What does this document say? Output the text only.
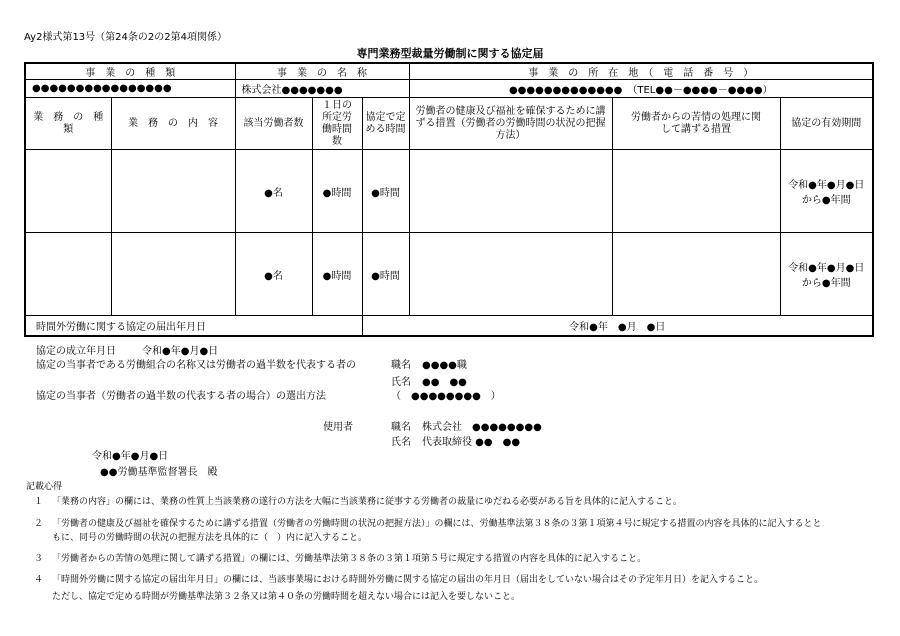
Ay2様式第13号（第24条の2の2第4項関係）
専門業務型裁量労働制に関する協定届
事　業　の　種　類		事　業　の　名　称			事　業　の　所　在　地　（　電　話　番　号　）		
●●●●●●●●●●●●●●●●		株式会社●●●●●●●			●●●●●●●●●●●●●　（TEL●●－●●●●－●●●●）		
業　務　の　種　類	業　務　の　内　容	該当労働者数	１日の所定労働時間数	協定で定める時間	労働者の健康及び福祉を確保するために講ずる措置（労働者の労働時間の状況の把握方法）	労働者からの苦情の処理に関して講ずる措置	協定の有効期間
		●名	●時間	●時間			令和●年●月●日
から●年間

		●名	●時間	●時間			令和●年●月●日
から●年間

時間外労働に関する協定の届出年月日				令和●年　●月　●日			
協定の成立年月日	令和●年●月●日
協定の当事者である労働組合の名称又は労働者の過半数を代表する者の	職名 ●●●●職
氏名 ●●　●●
協定の当事者（労働者の過半数の代表する者の場合）の選出方法	（　●●●●●●●●　）
使用者	職名 株式会社　●●●●●●●●
氏名 代表取締役 ●●　●●
令和●年●月●日
●●労働基準監督署長　殿
記載心得
１ 「業務の内容」の欄には、業務の性質上当該業務の遂行の方法を大幅に当該業務に従事する労働者の裁量にゆだねる必要がある旨を具体的に記入すること。
２ 「労働者の健康及び福祉を確保するために講ずる措置（労働者の労働時間の状況の把握方法）」の欄には、労働基準法第３８条の３第１項第４号に規定する措置の内容を具体的に記入するとと
もに、同号の労働時間の状況の把握方法を具体的に（　）内に記入すること。
３ 「労働者からの苦情の処理に関して講ずる措置」の欄には、労働基準法第３８条の３第１項第５号に規定する措置の内容を具体的に記入すること。
４ 「時間外労働に関する協定の届出年月日」の欄には、当該事業場における時間外労働に関する協定の届出の年月日（届出をしていない場合はその予定年月日）を記入すること。
ただし、協定で定める時間が労働基準法第３２条又は第４０条の労働時間を超えない場合には記入を要しないこと。
